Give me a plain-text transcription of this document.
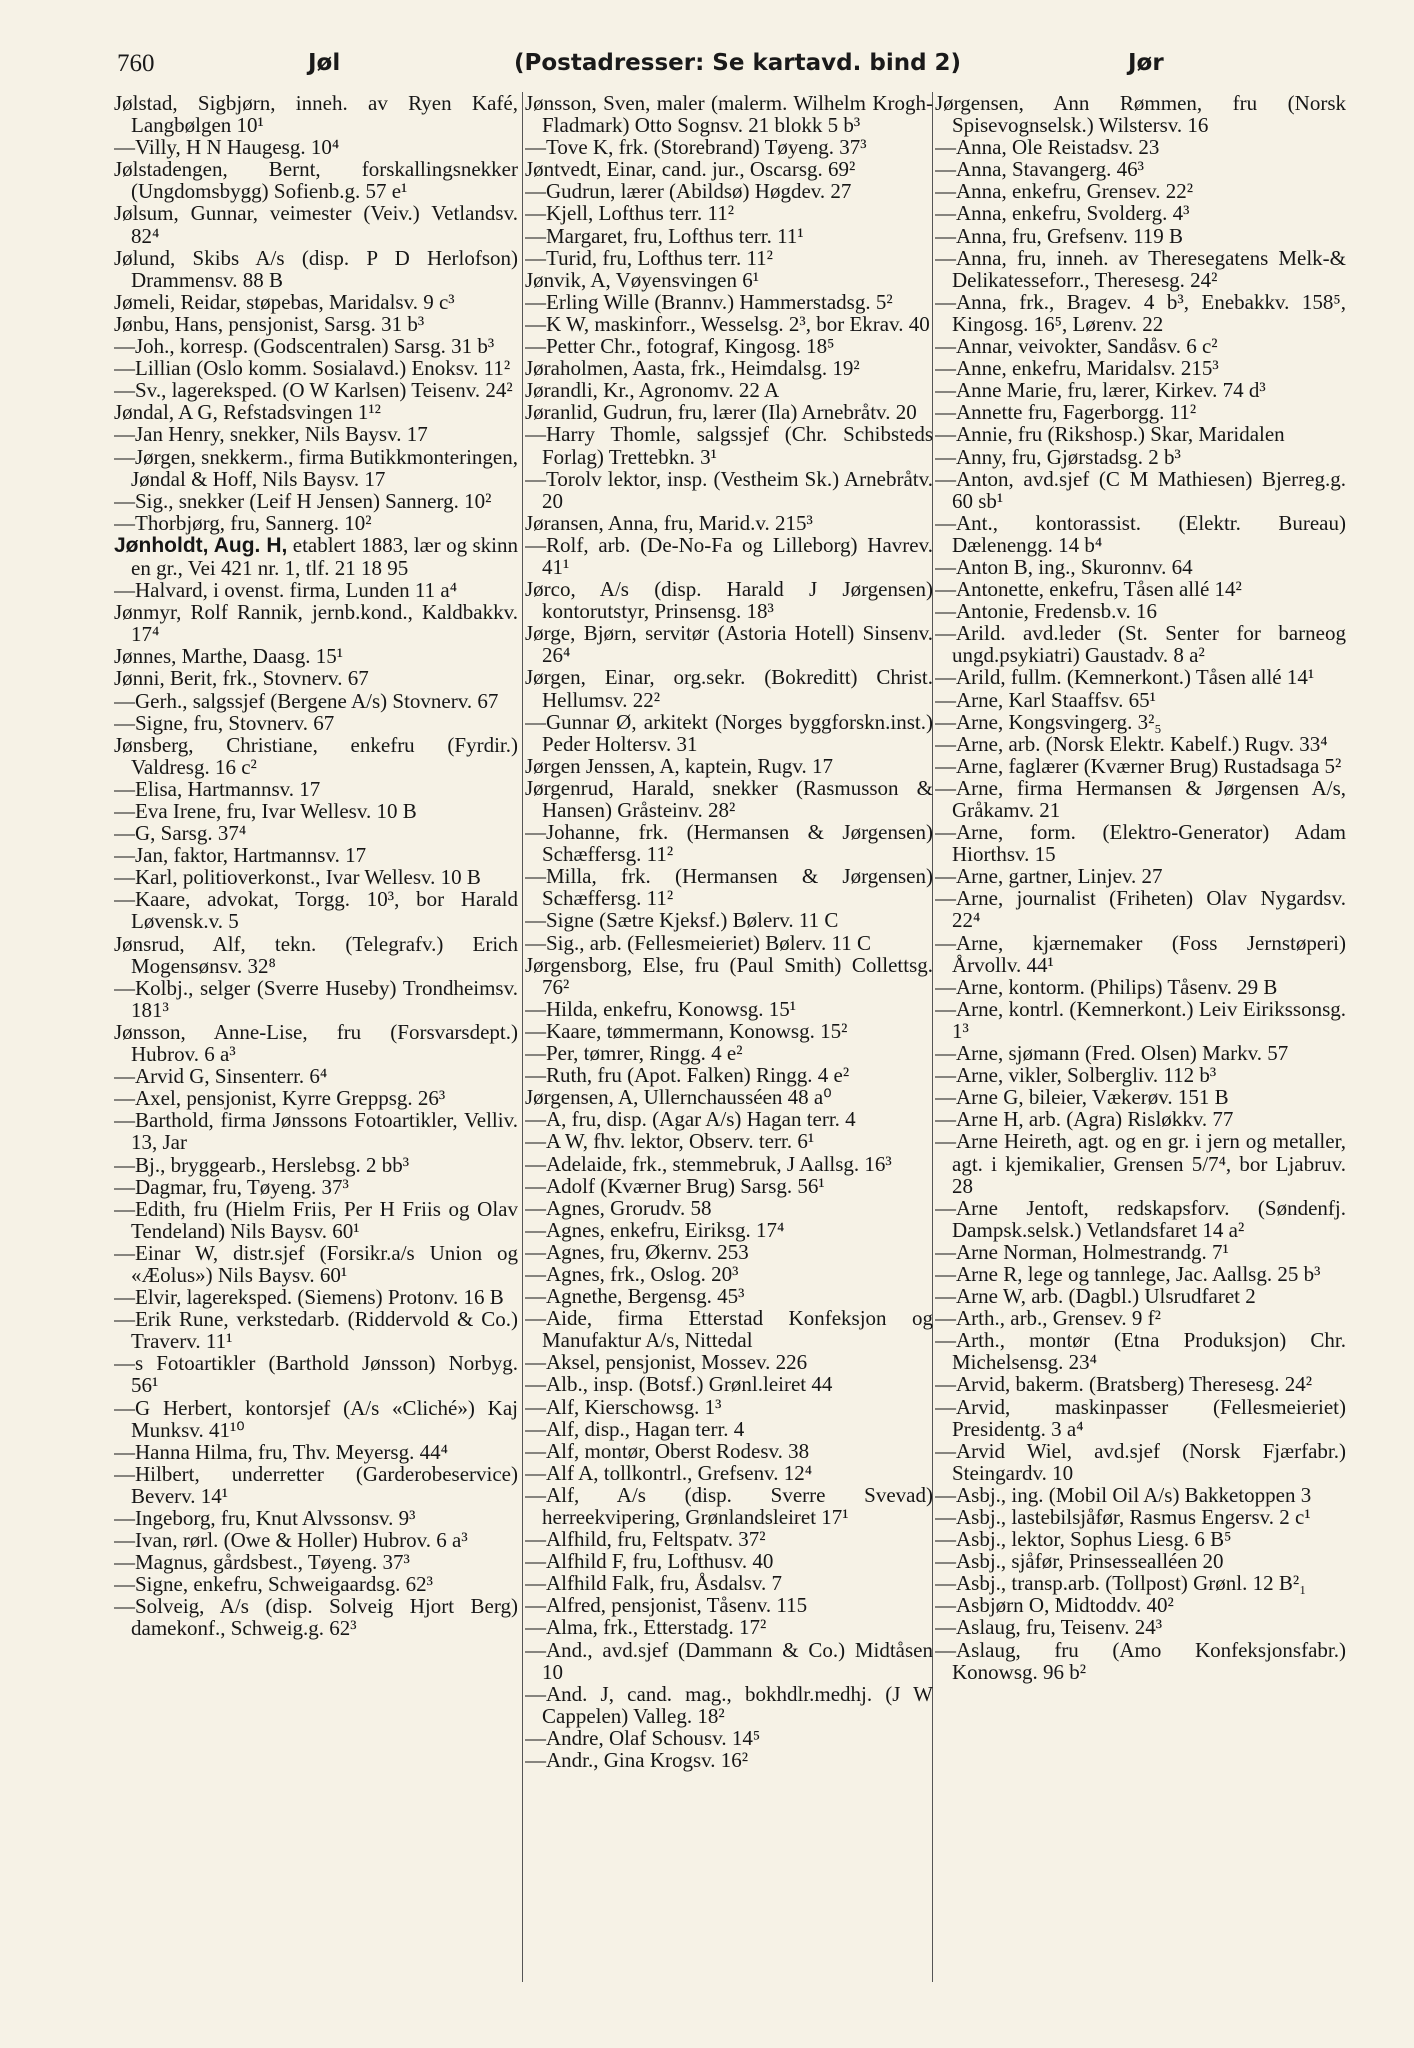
760	Jøl	(Postadresser: Se kartavd. bind 2)	Jør
Jølstad, Sigbjørn, inneh. av Ryen Kafé, Langbølgen 10¹
—Villy, H N Haugesg. 10⁴
Jølstadengen, Bernt, forskallingsnekker (Ungdomsbygg) Sofienb.g. 57 e¹
Jølsum, Gunnar, veimester (Veiv.) Vetlandsv. 82⁴
Jølund, Skibs A/s (disp. P D Herlofson) Drammensv. 88 B
Jømeli, Reidar, støpebas, Maridalsv. 9 c³
Jønbu, Hans, pensjonist, Sarsg. 31 b³
—Joh., korresp. (Godscentralen) Sarsg. 31 b³
—Lillian (Oslo komm. Sosialavd.) Enoksv. 11²
—Sv., lagereksped. (O W Karlsen) Teisenv. 24²
Jøndal, A G, Refstadsvingen 1¹²
—Jan Henry, snekker, Nils Baysv. 17
—Jørgen, snekkerm., firma Butikkmonteringen, Jøndal & Hoff, Nils Baysv. 17
—Sig., snekker (Leif H Jensen) Sannerg. 10²
—Thorbjørg, fru, Sannerg. 10²
Jønholdt, Aug. H, etablert 1883, lær og skinn en gr., Vei 421 nr. 1, tlf. 21 18 95
—Halvard, i ovenst. firma, Lunden 11 a⁴
Jønmyr, Rolf Rannik, jernb.kond., Kaldbakkv. 17⁴
Jønnes, Marthe, Daasg. 15¹
Jønni, Berit, frk., Stovnerv. 67
—Gerh., salgssjef (Bergene A/s) Stovnerv. 67
—Signe, fru, Stovnerv. 67
Jønsberg, Christiane, enkefru (Fyrdir.) Valdresg. 16 c²
—Elisa, Hartmannsv. 17
—Eva Irene, fru, Ivar Wellesv. 10 B
—G, Sarsg. 37⁴
—Jan, faktor, Hartmannsv. 17
—Karl, politioverkonst., Ivar Wellesv. 10 B
—Kaare, advokat, Torgg. 10³, bor Harald Løvensk.v. 5
Jønsrud, Alf, tekn. (Telegrafv.) Erich Mogensønsv. 32⁸
—Kolbj., selger (Sverre Huseby) Trondheimsv. 181³
Jønsson, Anne-Lise, fru (Forsvarsdept.) Hubrov. 6 a³
—Arvid G, Sinsenterr. 6⁴
—Axel, pensjonist, Kyrre Greppsg. 26³
—Barthold, firma Jønssons Fotoartikler, Velliv. 13, Jar
—Bj., bryggearb., Herslebsg. 2 bb³
—Dagmar, fru, Tøyeng. 37³
—Edith, fru (Hielm Friis, Per H Friis og Olav Tendeland) Nils Baysv. 60¹
—Einar W, distr.sjef (Forsikr.a/s Union og «Æolus») Nils Baysv. 60¹
—Elvir, lagereksped. (Siemens) Protonv. 16 B
—Erik Rune, verkstedarb. (Riddervold & Co.) Traverv. 11¹
—s Fotoartikler (Barthold Jønsson) Norbyg. 56¹
—G Herbert, kontorsjef (A/s «Cliché») Kaj Munksv. 41¹⁰
—Hanna Hilma, fru, Thv. Meyersg. 44⁴
—Hilbert, underretter (Garderobeservice) Beverv. 14¹
—Ingeborg, fru, Knut Alvssonsv. 9³
—Ivan, rørl. (Owe & Holler) Hubrov. 6 a³
—Magnus, gårdsbest., Tøyeng. 37³
—Signe, enkefru, Schweigaardsg. 62³
—Solveig, A/s (disp. Solveig Hjort Berg) damekonf., Schweig.g. 62³
Jønsson, Sven, maler (malerm. Wilhelm Krogh-Fladmark) Otto Sognsv. 21 blokk 5 b³
—Tove K, frk. (Storebrand) Tøyeng. 37³
Jøntvedt, Einar, cand. jur., Oscarsg. 69²
—Gudrun, lærer (Abildsø) Høgdev. 27
—Kjell, Lofthus terr. 11²
—Margaret, fru, Lofthus terr. 11¹
—Turid, fru, Lofthus terr. 11²
Jønvik, A, Vøyensvingen 6¹
—Erling Wille (Brannv.) Hammerstadsg. 5²
—K W, maskinforr., Wesselsg. 2³, bor Ekrav. 40
—Petter Chr., fotograf, Kingosg. 18⁵
Jøraholmen, Aasta, frk., Heimdalsg. 19²
Jørandli, Kr., Agronomv. 22 A
Jøranlid, Gudrun, fru, lærer (Ila) Arnebråtv. 20
—Harry Thomle, salgssjef (Chr. Schibsteds Forlag) Trettebkn. 3¹
—Torolv lektor, insp. (Vestheim Sk.) Arnebråtv. 20
Jøransen, Anna, fru, Marid.v. 215³
—Rolf, arb. (De-No-Fa og Lilleborg) Havrev. 41¹
Jørco, A/s (disp. Harald J Jørgensen) kontorutstyr, Prinsensg. 18³
Jørge, Bjørn, servitør (Astoria Hotell) Sinsenv. 26⁴
Jørgen, Einar, org.sekr. (Bokreditt) Christ. Hellumsv. 22²
—Gunnar Ø, arkitekt (Norges byggforskn.inst.) Peder Holtersv. 31
Jørgen Jenssen, A, kaptein, Rugv. 17
Jørgenrud, Harald, snekker (Rasmusson & Hansen) Gråsteinv. 28²
—Johanne, frk. (Hermansen & Jørgensen) Schæffersg. 11²
—Milla, frk. (Hermansen & Jørgensen) Schæffersg. 11²
—Signe (Sætre Kjeksf.) Bølerv. 11 C
—Sig., arb. (Fellesmeieriet) Bølerv. 11 C
Jørgensborg, Else, fru (Paul Smith) Collettsg. 76²
—Hilda, enkefru, Konowsg. 15¹
—Kaare, tømmermann, Konowsg. 15²
—Per, tømrer, Ringg. 4 e²
—Ruth, fru (Apot. Falken) Ringg. 4 e²
Jørgensen, A, Ullernchausséen 48 a⁰
—A, fru, disp. (Agar A/s) Hagan terr. 4
—A W, fhv. lektor, Observ. terr. 6¹
—Adelaide, frk., stemmebruk, J Aallsg. 16³
—Adolf (Kværner Brug) Sarsg. 56¹
—Agnes, Grorudv. 58
—Agnes, enkefru, Eiriksg. 17⁴
—Agnes, fru, Økernv. 253
—Agnes, frk., Oslog. 20³
—Agnethe, Bergensg. 45³
—Aide, firma Etterstad Konfeksjon og Manufaktur A/s, Nittedal
—Aksel, pensjonist, Mossev. 226
—Alb., insp. (Botsf.) Grønl.leiret 44
—Alf, Kierschowsg. 1³
—Alf, disp., Hagan terr. 4
—Alf, montør, Oberst Rodesv. 38
—Alf A, tollkontrl., Grefsenv. 12⁴
—Alf, A/s (disp. Sverre Svevad) herreekvipering, Grønlandsleiret 17¹
—Alfhild, fru, Feltspatv. 37²
—Alfhild F, fru, Lofthusv. 40
—Alfhild Falk, fru, Åsdalsv. 7
—Alfred, pensjonist, Tåsenv. 115
—Alma, frk., Etterstadg. 17²
—And., avd.sjef (Dammann & Co.) Midtåsen 10
—And. J, cand. mag., bokhdlr.medhj. (J W Cappelen) Valleg. 18²
—Andre, Olaf Schousv. 14⁵
—Andr., Gina Krogsv. 16²
Jørgensen, Ann Rømmen, fru (Norsk Spisevognselsk.) Wilstersv. 16
—Anna, Ole Reistadsv. 23
—Anna, Stavangerg. 46³
—Anna, enkefru, Grensev. 22²
—Anna, enkefru, Svolderg. 4³
—Anna, fru, Grefsenv. 119 B
—Anna, fru, inneh. av Theresegatens Melk-& Delikatesseforr., Theresesg. 24²
—Anna, frk., Bragev. 4 b³, Enebakkv. 158⁵, Kingosg. 16⁵, Lørenv. 22
—Annar, veivokter, Sandåsv. 6 c²
—Anne, enkefru, Maridalsv. 215³
—Anne Marie, fru, lærer, Kirkev. 74 d³
—Annette fru, Fagerborgg. 11²
—Annie, fru (Rikshosp.) Skar, Maridalen
—Anny, fru, Gjørstadsg. 2 b³
—Anton, avd.sjef (C M Mathiesen) Bjerreg.g. 60 sb¹
—Ant., kontorassist. (Elektr. Bureau) Dælenengg. 14 b⁴
—Anton B, ing., Skuronnv. 64
—Antonette, enkefru, Tåsen allé 14²
—Antonie, Fredensb.v. 16
—Arild. avd.leder (St. Senter for barneog ungd.psykiatri) Gaustadv. 8 a²
—Arild, fullm. (Kemnerkont.) Tåsen allé 14¹
—Arne, Karl Staaffsv. 65¹
—Arne, Kongsvingerg. 3²₅
—Arne, arb. (Norsk Elektr. Kabelf.) Rugv. 33⁴
—Arne, faglærer (Kværner Brug) Rustadsaga 5²
—Arne, firma Hermansen & Jørgensen A/s, Gråkamv. 21
—Arne, form. (Elektro-Generator) Adam Hiorthsv. 15
—Arne, gartner, Linjev. 27
—Arne, journalist (Friheten) Olav Nygardsv. 22⁴
—Arne, kjærnemaker (Foss Jernstøperi) Årvollv. 44¹
—Arne, kontorm. (Philips) Tåsenv. 29 B
—Arne, kontrl. (Kemnerkont.) Leiv Eirikssonsg. 1³
—Arne, sjømann (Fred. Olsen) Markv. 57
—Arne, vikler, Solbergliv. 112 b³
—Arne G, bileier, Vækerøv. 151 B
—Arne H, arb. (Agra) Risløkkv. 77
—Arne Heireth, agt. og en gr. i jern og metaller, agt. i kjemikalier, Grensen 5/7⁴, bor Ljabruv. 28
—Arne Jentoft, redskapsforv. (Søndenfj. Dampsk.selsk.) Vetlandsfaret 14 a²
—Arne Norman, Holmestrandg. 7¹
—Arne R, lege og tannlege, Jac. Aallsg. 25 b³
—Arne W, arb. (Dagbl.) Ulsrudfaret 2
—Arth., arb., Grensev. 9 f²
—Arth., montør (Etna Produksjon) Chr. Michelsensg. 23⁴
—Arvid, bakerm. (Bratsberg) Theresesg. 24²
—Arvid, maskinpasser (Fellesmeieriet) Presidentg. 3 a⁴
—Arvid Wiel, avd.sjef (Norsk Fjærfabr.) Steingardv. 10
—Asbj., ing. (Mobil Oil A/s) Bakketoppen 3
—Asbj., lastebilsjåfør, Rasmus Engersv. 2 c¹
—Asbj., lektor, Sophus Liesg. 6 B⁵
—Asbj., sjåfør, Prinsessealléen 20
—Asbj., transp.arb. (Tollpost) Grønl. 12 B²₁
—Asbjørn O, Midtoddv. 40²
—Aslaug, fru, Teisenv. 24³
—Aslaug, fru (Amo Konfeksjonsfabr.) Konowsg. 96 b²
